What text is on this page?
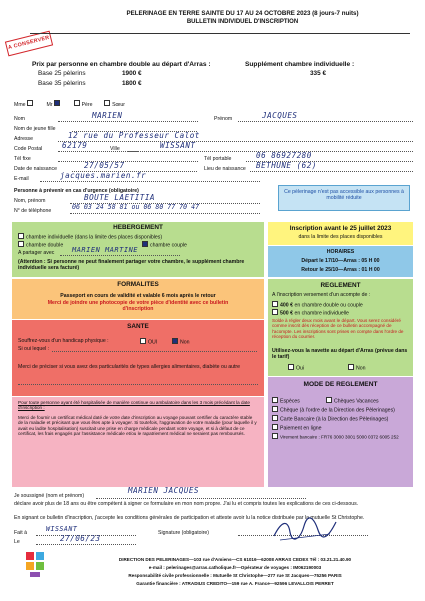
A CONSERVER
PELERINAGE EN TERRE SAINTE DU 17 AU 24 OCTOBRE 2023 (8 jours-7 nuits)
BULLETIN INDIVIDUEL D'INSCRIPTION
Prix par personne en chambre double au départ d'Arras :
Base 25 pèlerins	1900 €
Base 35 pèlerins	1800 €
Supplément chambre individuelle :
335 €
Mme	Mr	Père	Sœur
Nom	MARIEN	Prénom	JACQUES
Nom de jeune fille
Adresse	12 rue du Professeur Calot
Code Postal	62179	Ville	WISSANT
Tél fixe	Tél portable	06 86927280
Date de naissance	27/05/57	Lieu de naissance BETHUNE (62)
E-mail	jacques.marien.fr
Personne à prévenir en cas d'urgence (obligatoire)
Nom, prénom	BOUTE LAETITIA
N° de téléphone	06 03 24 58 81 ou 06 80 77 70 47
Ce pèlerinage n'est pas accessible aux personnes à mobilité réduite
HEBERGEMENT
chambre individuelle (dans la limite des places disponibles)
chambre double	chambre couple
A partager avec	MARIEN MARTINE
(Attention : Si personne ne peut finalement partager votre chambre, le supplément chambre individuelle sera facturé)
Inscription avant le 25 juillet 2023
dans la limite des places disponibles
HORAIRES
Départ le 17/10—Arras : 05 H 00
Retour le 25/10—Arras : 01 H 00
FORMALITES
Passeport en cours de validité et valable 6 mois après le retour
Merci de joindre une photocopie de votre pièce d'identité avec ce bulletin d'inscription
SANTE
Souffrez-vous d'un handicap physique :	OUI	Non
Si oui lequel :
Merci de préciser si vous avez des particularités de types allergies alimentaires, diabète ou autre
Pour toute personne ayant été hospitalisée de manière continue ou ambulatoire dans les 3 mois précédant la date d'inscription :
Merci de fournir un certificat médical daté de votre date d'inscription au voyage pouvant certifier du caractère stable de la maladie et précisant que vous êtes apte à voyager. Si toutefois, l'aggravation de votre maladie (pour laquelle il y avait eu ladite hospitalisation) suscitait une prise en charge médicale pendant votre voyage, et si à défaut de ce certificat, les frais engagés par l'assistance médicale et/ou le rapatriement médical ne seraient pas remboursés.
REGLEMENT
A l'inscription versement d'un acompte de :
400 € en chambre double ou couple
500 € en chambre individuelle
Solde à régler deux mois avant le départ. Vous serez considéré comme inscrit dès réception de ce bulletin accompagné de l'acompte. Les inscriptions sont prises en compte dans l'ordre de réception du courrier.
Utilisez-vous la navette au départ d'Arras (prévue dans le tarif)
Oui	Non
MODE DE REGLEMENT
Espèces	Chèques Vacances
Chèque (à l'ordre de la Direction des Pèlerinages)
Carte Bancaire (à la Direction des Pèlerinages)
Paiement en ligne
Virement bancaire : FR76 3000 3001 5000 0372 6005 252
Je soussigné (nom et prénom)
MARIEN JACQUES
déclare avoir plus de 18 ans ou être compétent à signer ce formulaire en mon nom propre. J'ai lu et compris toutes les explications de ces ci-dessous.
En signant ce bulletin d'inscription, j'accepte les conditions générales de participation et atteste avoir lu la notice distribuée par la mutuelle St Christophe.
Fait à	WISSANT
Le	27/06/23
Signature (obligatoire)
DIRECTION DES PELERINAGES—103 rue d'Amiens—CS 61016—62008 ARRAS CEDEX Tél : 03.21.21.40.90
e-mail : pelerinages@arras.catholique.fr—Opérateur de voyages : IM062190003
Responsabilité civile professionnelle : Mutuelle St Christophe—277 rue St Jacques—75256 PARIS
Garantie financière : ATRADIUS CREDITO—159 rue A. France—92596 LEVALLOIS PERRET
